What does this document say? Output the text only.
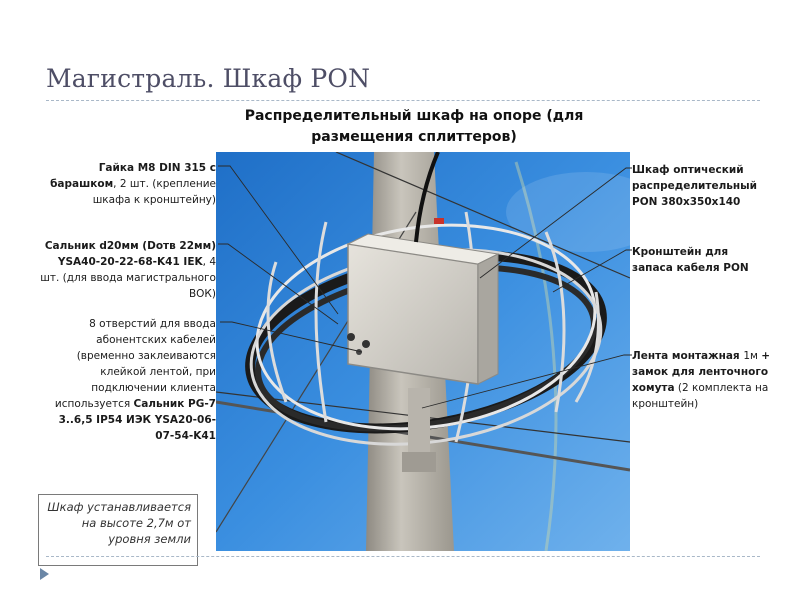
Магистраль. Шкаф PON
Распределительный шкаф на опоре (для размещения сплиттеров)
Гайка М8 DIN 315 с барашком, 2 шт. (крепление шкафа к кронштейну)
Сальник d20мм (Dотв 22мм) YSA40-20-22-68-K41 IEK, 4 шт. (для ввода магистрального ВОК)
8 отверстий для ввода абонентских кабелей (временно заклеиваются клейкой лентой, при подключении клиента используется Сальник PG-7 3..6,5 IP54 ИЭК YSA20-06-07-54-K41
Шкаф оптический распределительный PON 380х350х140
Кронштейн для запаса кабеля PON
Лента монтажная 1м + замок для ленточного хомута (2 комплекта на кронштейн)
Шкаф устанавливается на высоте 2,7м от уровня земли
